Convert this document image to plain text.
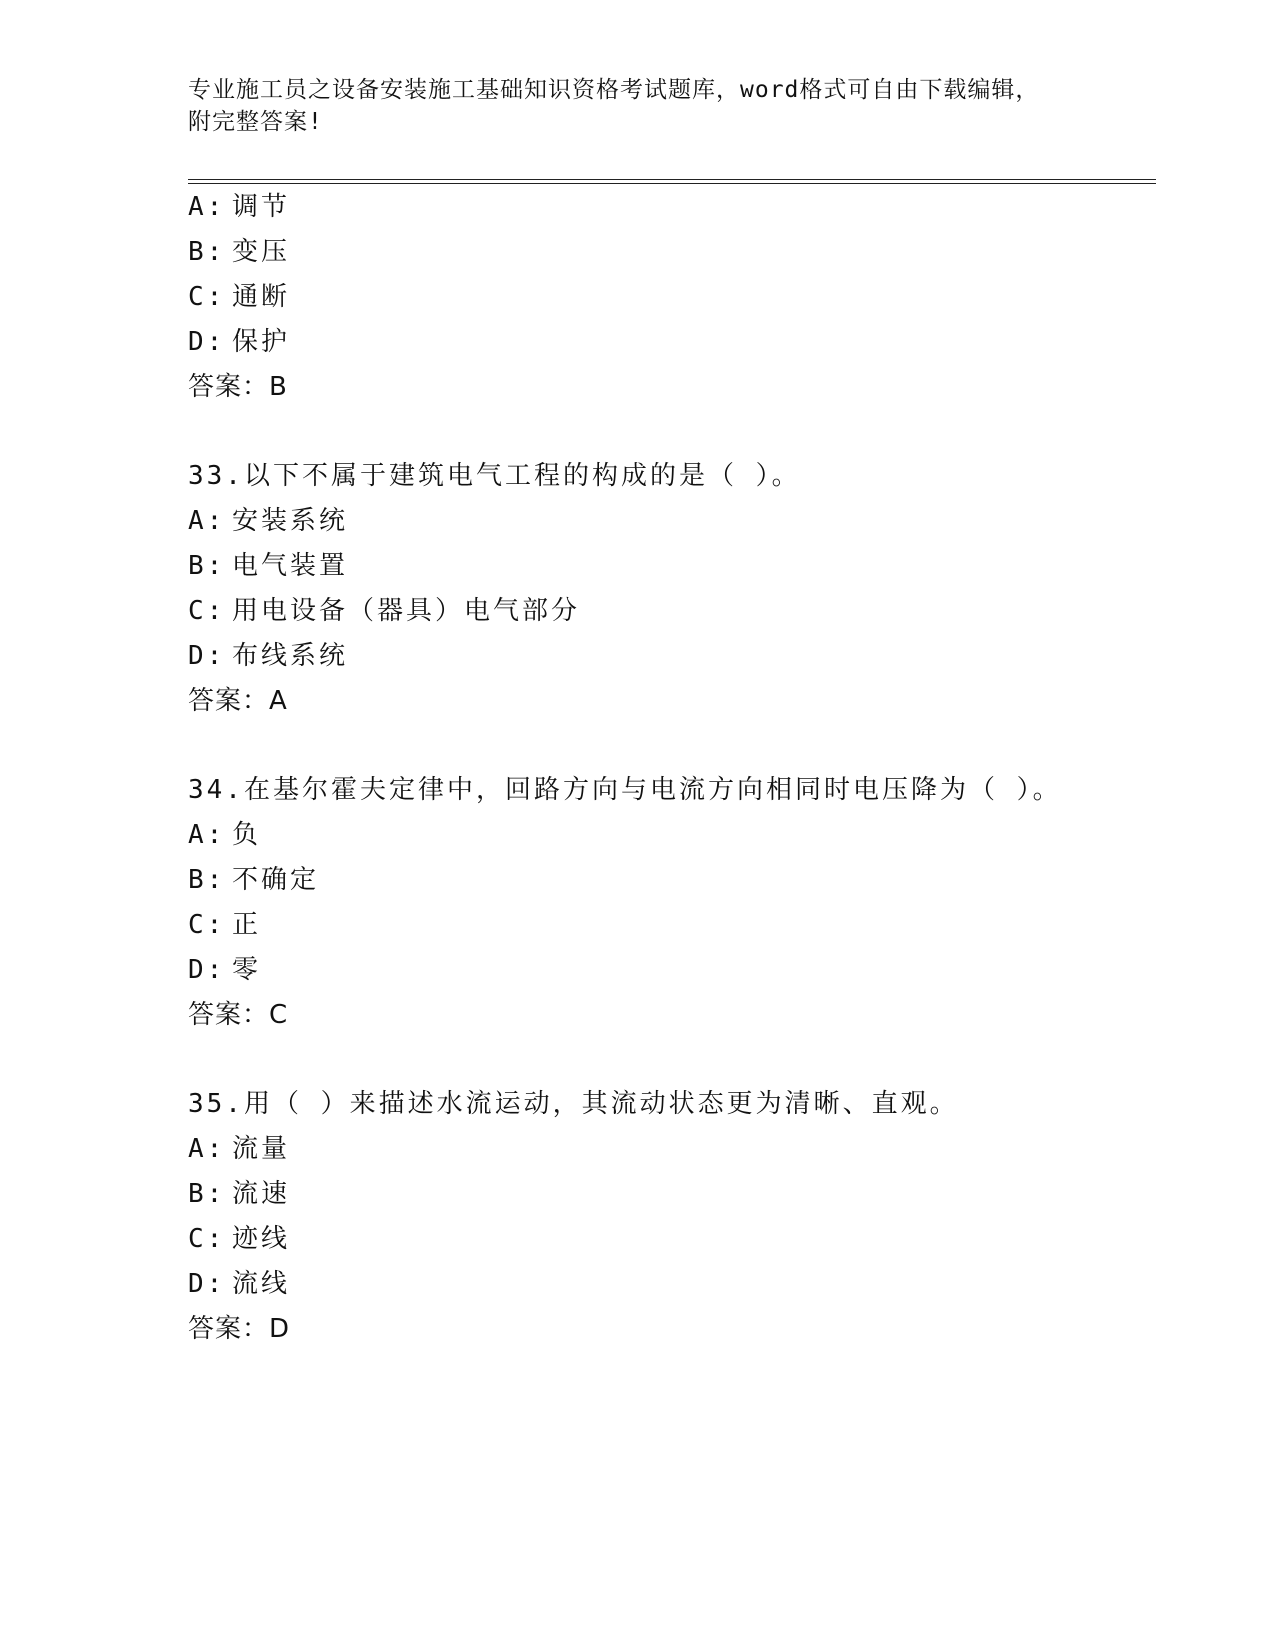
专业施工员之设备安装施工基础知识资格考试题库，word格式可自由下载编辑，
附完整答案!
A: 调节
B: 变压
C: 通断
D: 保护
答案：B
33.以下不属于建筑电气工程的构成的是（ ）。
A: 安装系统
B: 电气装置
C: 用电设备（器具）电气部分
D: 布线系统
答案：A
34.在基尔霍夫定律中，回路方向与电流方向相同时电压降为（ ）。
A: 负
B: 不确定
C: 正
D: 零
答案：C
35.用（ ）来描述水流运动，其流动状态更为清晰、直观。
A: 流量
B: 流速
C: 迹线
D: 流线
答案：D
